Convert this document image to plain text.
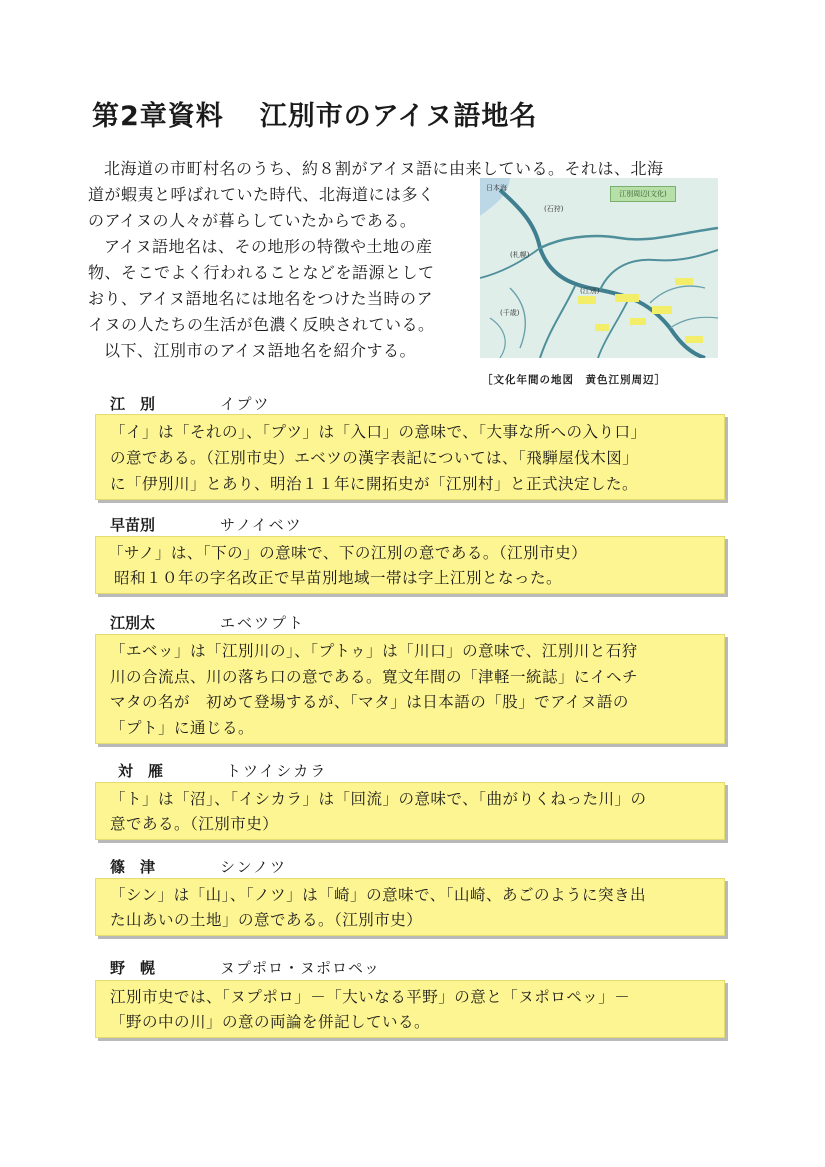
第2章資料 江別市のアイヌ語地名

北海道の市町村名のうち、約８割がアイヌ語に由来している。それは、北海

道が蝦夷と呼ばれていた時代、北海道には多く

のアイヌの人々が暮らしていたからである。

アイヌ語地名は、その地形の特徴や土地の産

物、そこでよく行われることなどを語源として

おり、アイヌ語地名には地名をつけた当時のア

イヌの人たちの生活が色濃く反映されている。

以下、江別市のアイヌ語地名を紹介する。

江別周辺(文化)
日本海
(石狩)
(札幌)
(江別)
(千歳)
［文化年間の地図　黄色江別周辺］
江　別	イプツ

「イ」は「それの」、「プツ」は「入口」の意味で、「大事な所への入り口」

の意である。（江別市史）エベツの漢字表記については、「飛騨屋伐木図」

に「伊別川」とあり、明治１１年に開拓史が「江別村」と正式決定した。

早苗別	サノイベツ

「サノ」は、「下の」の意味で、下の江別の意である。（江別市史）

昭和１０年の字名改正で早苗別地域一帯は字上江別となった。

江別太	エベツプト

「エベッ」は「江別川の」、「プトゥ」は「川口」の意味で、江別川と石狩

川の合流点、川の落ち口の意である。寛文年間の「津軽一統誌」にイヘチ

マタの名が　初めて登場するが、「マタ」は日本語の「股」でアイヌ語の

「プト」に通じる。

対　雁	トツイシカラ

「ト」は「沼」、「イシカラ」は「回流」の意味で、「曲がりくねった川」の

意である。（江別市史）

篠　津	シンノツ

「シン」は「山」、「ノツ」は「崎」の意味で、「山崎、あごのように突き出

た山あいの土地」の意である。（江別市史）

野　幌	ヌプポロ・ヌポロペッ

江別市史では、「ヌプポロ」－「大いなる平野」の意と「ヌポロペッ」－

「野の中の川」の意の両論を併記している。
